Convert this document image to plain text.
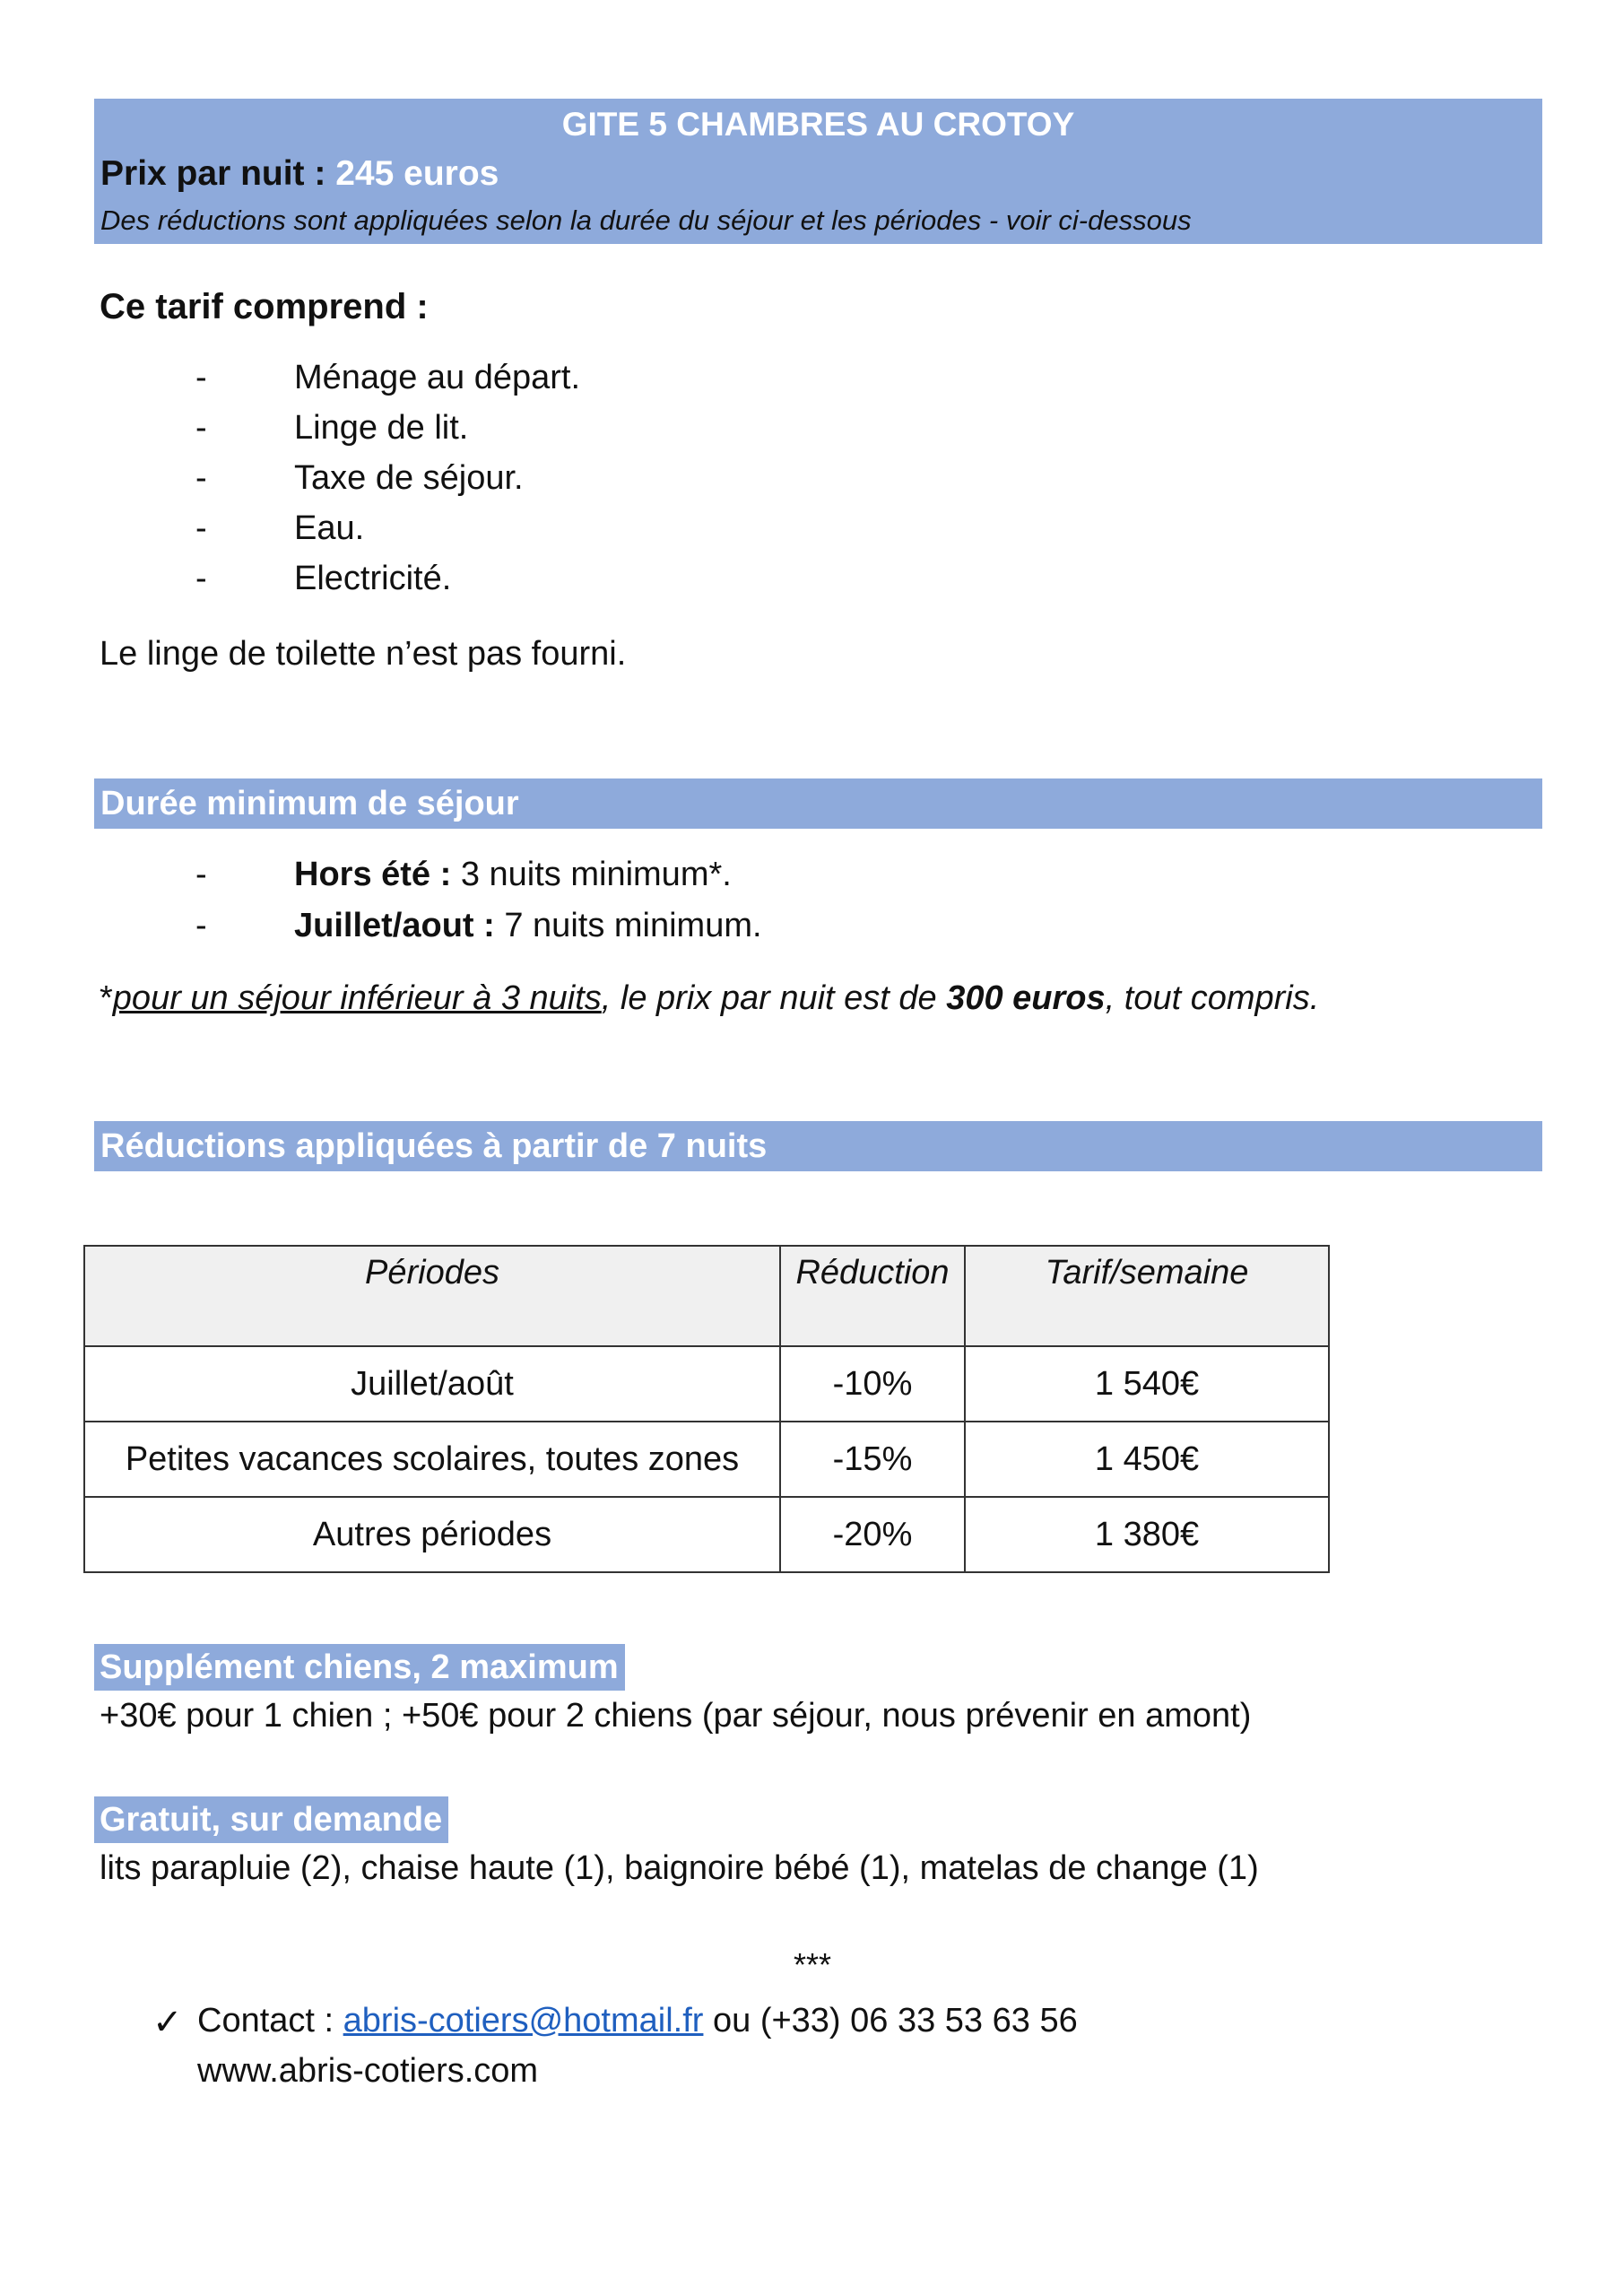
GITE 5 CHAMBRES AU CROTOY
Prix par nuit : 245 euros
Des réductions sont appliquées selon la durée du séjour et les périodes - voir ci-dessous
Ce tarif comprend :
-	Ménage au départ.
-	Linge de lit.
-	Taxe de séjour.
-	Eau.
-	Electricité.
Le linge de toilette n’est pas fourni.
Durée minimum de séjour
-	Hors été : 3 nuits minimum*.
-	Juillet/aout : 7 nuits minimum.
*pour un séjour inférieur à 3 nuits, le prix par nuit est de 300 euros, tout compris.
Réductions appliquées à partir de 7 nuits
Périodes	Réduction	Tarif/semaine
Juillet/août	-10%	1 540€
Petites vacances scolaires, toutes zones	-15%	1 450€
Autres périodes	-20%	1 380€
Supplément chiens, 2 maximum
+30€ pour 1 chien ; +50€ pour 2 chiens (par séjour, nous prévenir en amont)
Gratuit, sur demande
lits parapluie (2), chaise haute (1), baignoire bébé (1), matelas de change (1)
***
✓ Contact : abris-cotiers@hotmail.fr ou (+33) 06 33 53 63 56
www.abris-cotiers.com
